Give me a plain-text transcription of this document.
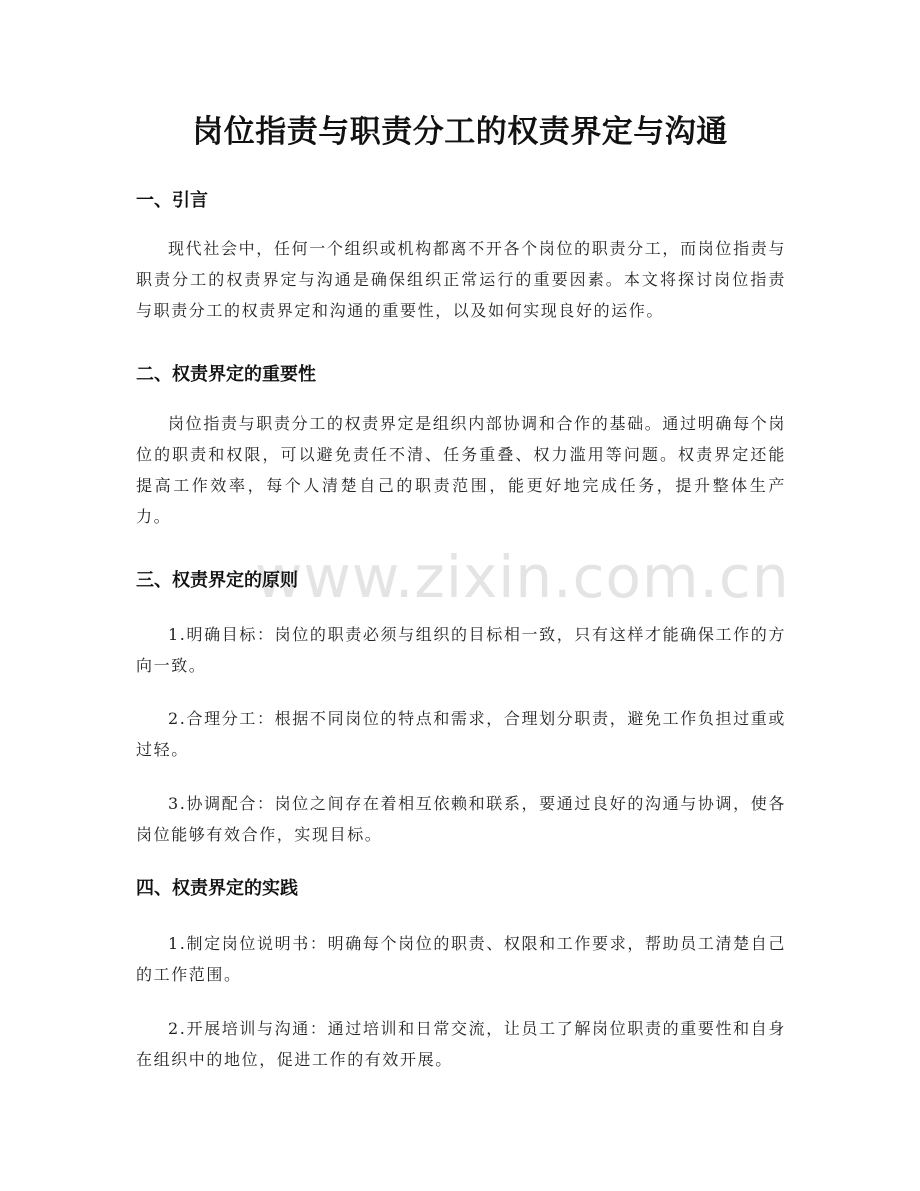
www.zixin.com.cn
岗位指责与职责分工的权责界定与沟通
一、引言

现代社会中，任何一个组织或机构都离不开各个岗位的职责分工，而岗位指责与职责分工的权责界定与沟通是确保组织正常运行的重要因素。本文将探讨岗位指责与职责分工的权责界定和沟通的重要性，以及如何实现良好的运作。

二、权责界定的重要性

岗位指责与职责分工的权责界定是组织内部协调和合作的基础。通过明确每个岗位的职责和权限，可以避免责任不清、任务重叠、权力滥用等问题。权责界定还能提高工作效率，每个人清楚自己的职责范围，能更好地完成任务，提升整体生产力。

三、权责界定的原则

1.明确目标：岗位的职责必须与组织的目标相一致，只有这样才能确保工作的方向一致。

2.合理分工：根据不同岗位的特点和需求，合理划分职责，避免工作负担过重或过轻。

3.协调配合：岗位之间存在着相互依赖和联系，要通过良好的沟通与协调，使各岗位能够有效合作，实现目标。

四、权责界定的实践

1.制定岗位说明书：明确每个岗位的职责、权限和工作要求，帮助员工清楚自己的工作范围。

2.开展培训与沟通：通过培训和日常交流，让员工了解岗位职责的重要性和自身在组织中的地位，促进工作的有效开展。
